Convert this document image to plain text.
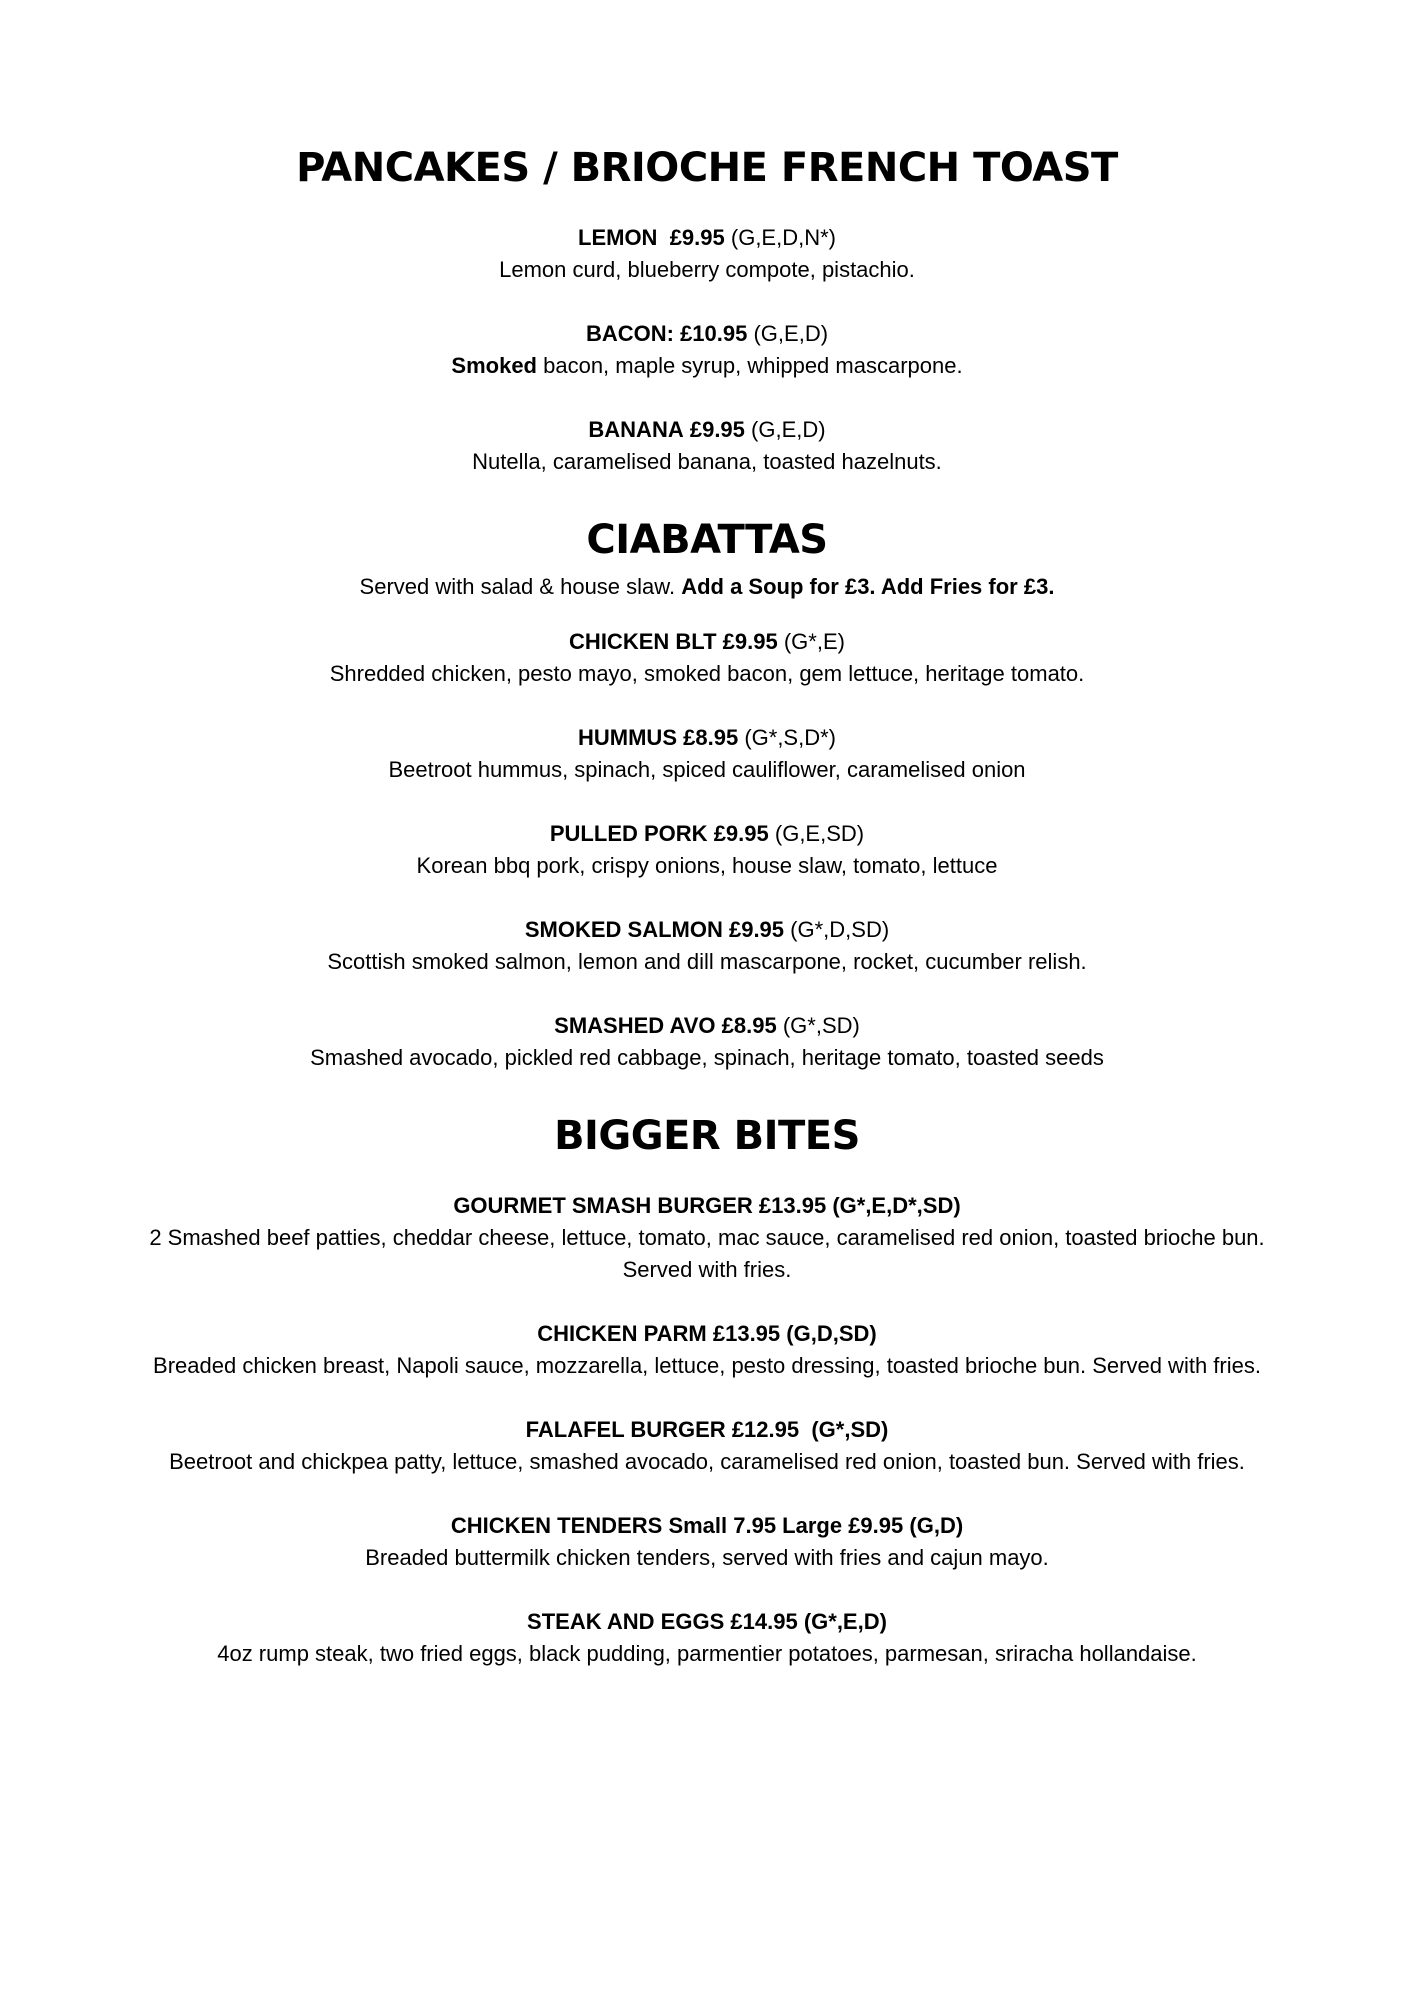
PANCAKES / BRIOCHE FRENCH TOAST

LEMON £9.95 (G,E,D,N*)

Lemon curd, blueberry compote, pistachio.

BACON: £10.95 (G,E,D)

Smoked bacon, maple syrup, whipped mascarpone.

BANANA £9.95 (G,E,D)

Nutella, caramelised banana, toasted hazelnuts.

CIABATTAS

Served with salad & house slaw. Add a Soup for £3. Add Fries for £3.

CHICKEN BLT £9.95 (G*,E)

Shredded chicken, pesto mayo, smoked bacon, gem lettuce, heritage tomato.

HUMMUS £8.95 (G*,S,D*)

Beetroot hummus, spinach, spiced cauliflower, caramelised onion

PULLED PORK £9.95 (G,E,SD)

Korean bbq pork, crispy onions, house slaw, tomato, lettuce

SMOKED SALMON £9.95 (G*,D,SD)

Scottish smoked salmon, lemon and dill mascarpone, rocket, cucumber relish.

SMASHED AVO £8.95 (G*,SD)

Smashed avocado, pickled red cabbage, spinach, heritage tomato, toasted seeds

BIGGER BITES

GOURMET SMASH BURGER £13.95 (G*,E,D*,SD)

2 Smashed beef patties, cheddar cheese, lettuce, tomato, mac sauce, caramelised red onion, toasted brioche bun. Served with fries.

CHICKEN PARM £13.95 (G,D,SD)

Breaded chicken breast, Napoli sauce, mozzarella, lettuce, pesto dressing, toasted brioche bun. Served with fries.

FALAFEL BURGER £12.95 (G*,SD)

Beetroot and chickpea patty, lettuce, smashed avocado, caramelised red onion, toasted bun. Served with fries.

CHICKEN TENDERS Small 7.95 Large £9.95 (G,D)

Breaded buttermilk chicken tenders, served with fries and cajun mayo.

STEAK AND EGGS £14.95 (G*,E,D)

4oz rump steak, two fried eggs, black pudding, parmentier potatoes, parmesan, sriracha hollandaise.
